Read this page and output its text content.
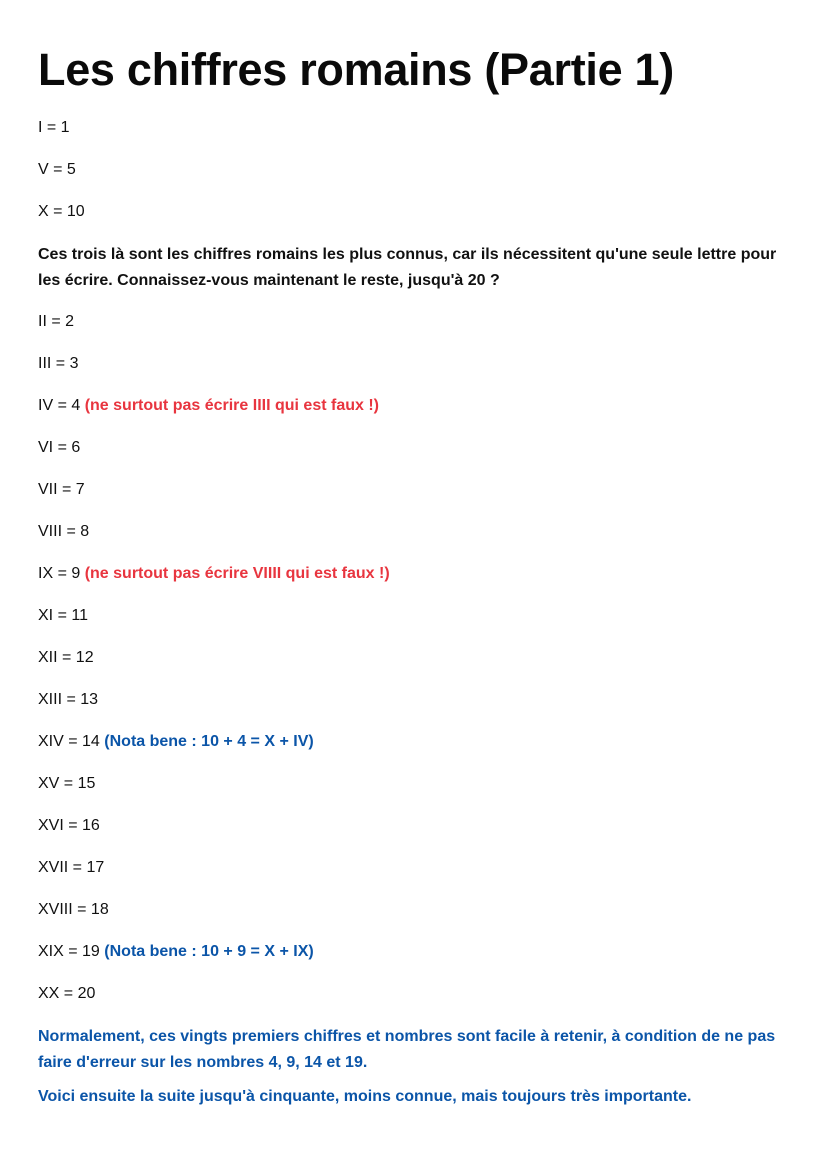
Les chiffres romains (Partie 1)

I = 1

V = 5

X = 10

Ces trois là sont les chiffres romains les plus connus, car ils nécessitent qu'une seule lettre pour les écrire. Connaissez-vous maintenant le reste, jusqu'à 20 ?

II = 2

III = 3

IV = 4 (ne surtout pas écrire IIII qui est faux !)

VI = 6

VII = 7

VIII = 8

IX = 9 (ne surtout pas écrire VIIII qui est faux !)

XI = 11

XII = 12

XIII = 13

XIV = 14 (Nota bene : 10 + 4 = X + IV)

XV = 15

XVI = 16

XVII = 17

XVIII = 18

XIX = 19 (Nota bene : 10 + 9 = X + IX)

XX = 20

Normalement, ces vingts premiers chiffres et nombres sont facile à retenir, à condition de ne pas faire d'erreur sur les nombres 4, 9, 14 et 19.

Voici ensuite la suite jusqu'à cinquante, moins connue, mais toujours très importante.
